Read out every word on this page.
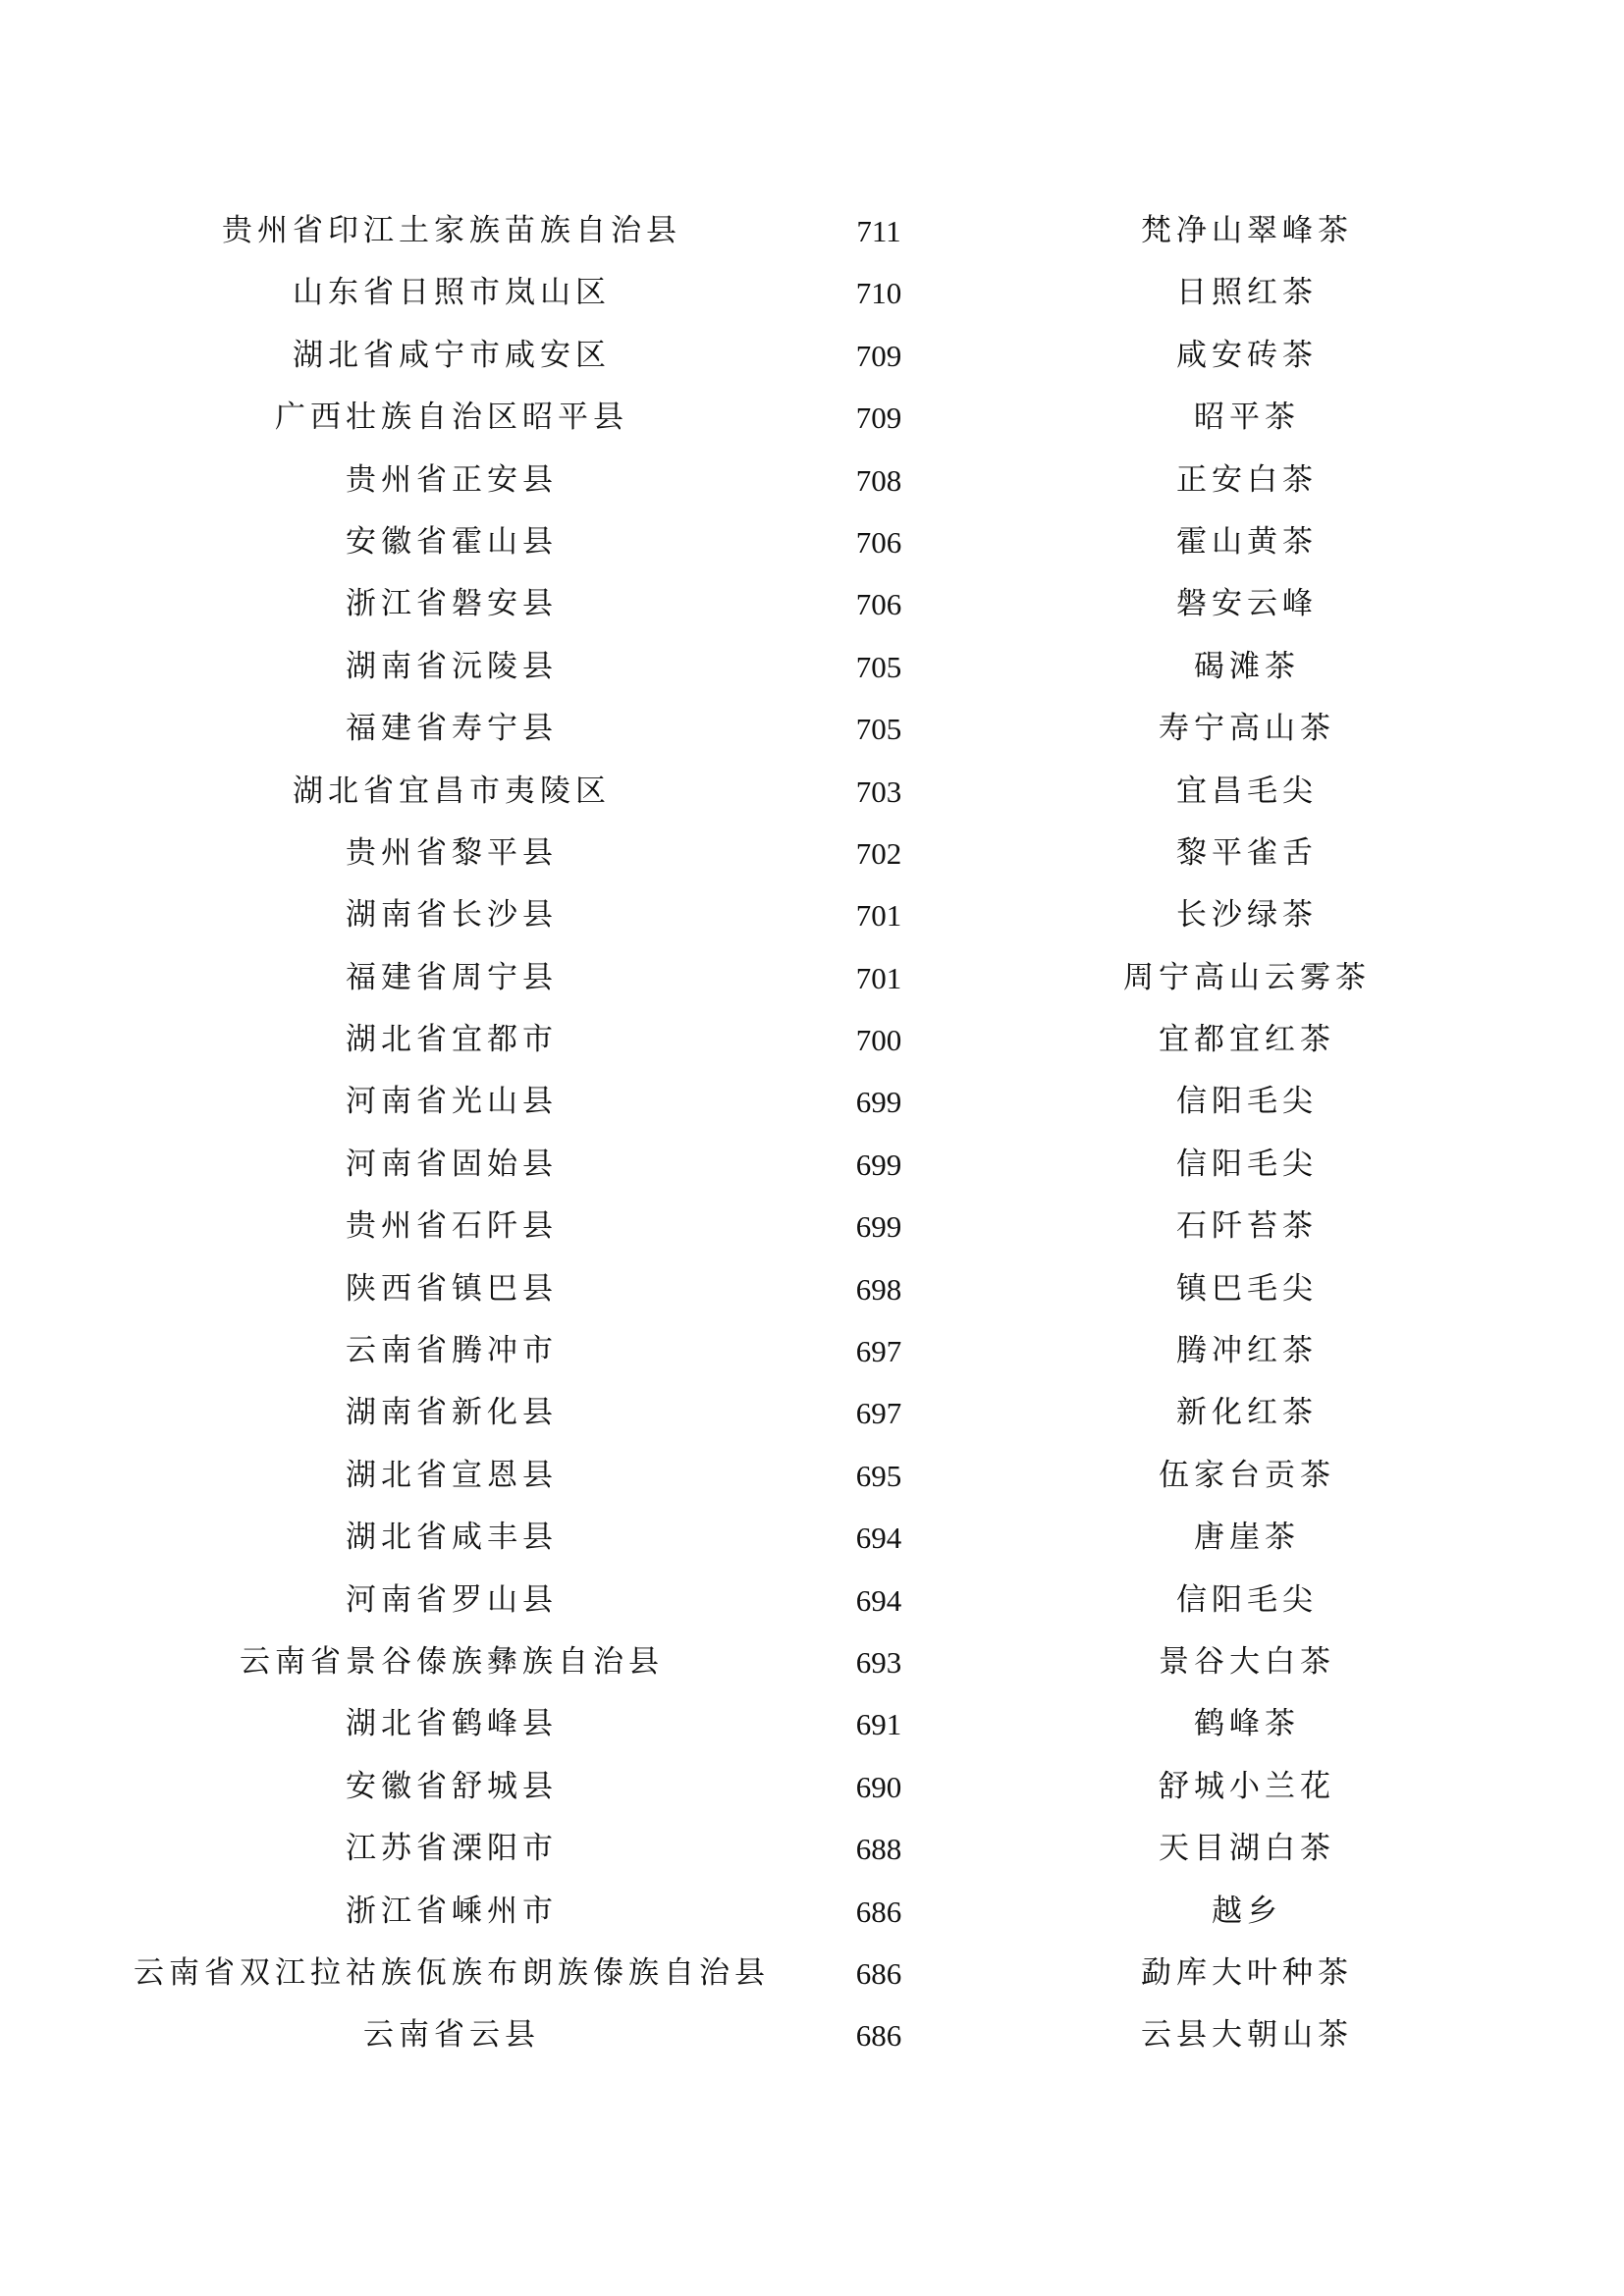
贵州省印江土家族苗族自治县	711	梵净山翠峰茶
山东省日照市岚山区	710	日照红茶
湖北省咸宁市咸安区	709	咸安砖茶
广西壮族自治区昭平县	709	昭平茶
贵州省正安县	708	正安白茶
安徽省霍山县	706	霍山黄茶
浙江省磐安县	706	磐安云峰
湖南省沅陵县	705	碣滩茶
福建省寿宁县	705	寿宁高山茶
湖北省宜昌市夷陵区	703	宜昌毛尖
贵州省黎平县	702	黎平雀舌
湖南省长沙县	701	长沙绿茶
福建省周宁县	701	周宁高山云雾茶
湖北省宜都市	700	宜都宜红茶
河南省光山县	699	信阳毛尖
河南省固始县	699	信阳毛尖
贵州省石阡县	699	石阡苔茶
陕西省镇巴县	698	镇巴毛尖
云南省腾冲市	697	腾冲红茶
湖南省新化县	697	新化红茶
湖北省宣恩县	695	伍家台贡茶
湖北省咸丰县	694	唐崖茶
河南省罗山县	694	信阳毛尖
云南省景谷傣族彝族自治县	693	景谷大白茶
湖北省鹤峰县	691	鹤峰茶
安徽省舒城县	690	舒城小兰花
江苏省溧阳市	688	天目湖白茶
浙江省嵊州市	686	越乡
云南省双江拉祜族佤族布朗族傣族自治县	686	勐库大叶种茶
云南省云县	686	云县大朝山茶
